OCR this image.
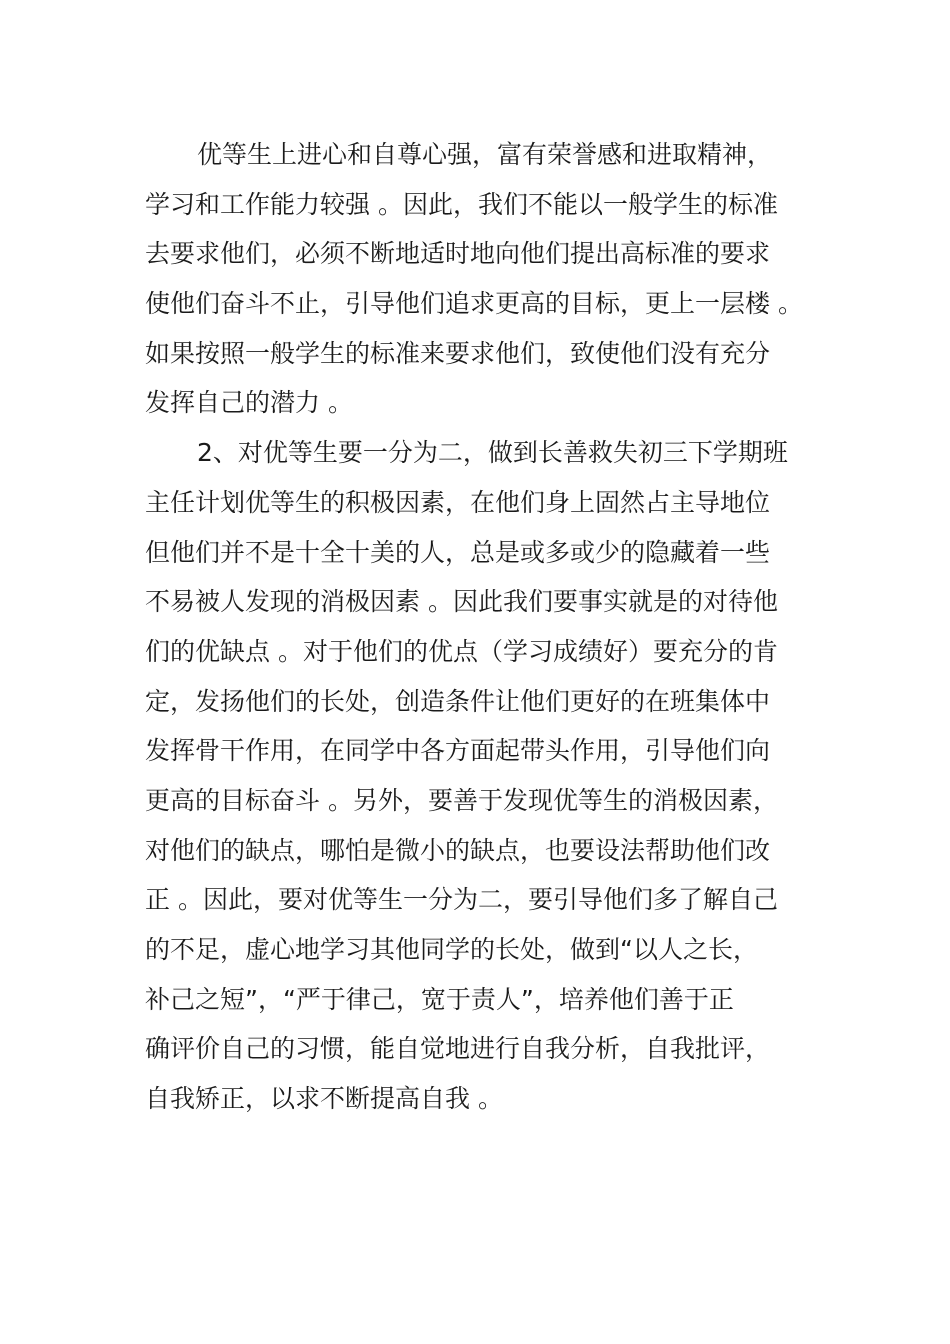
优等生上进心和自尊心强，富有荣誉感和进取精神，
学习和工作能力较强 。因此，我们不能以一般学生的标准
去要求他们，必须不断地适时地向他们提出高标准的要求
使他们奋斗不止，引导他们追求更高的目标，更上一层楼 。
如果按照一般学生的标准来要求他们，致使他们没有充分
发挥自己的潜力 。
2、对优等生要一分为二，做到长善救失初三下学期班
主任计划优等生的积极因素，在他们身上固然占主导地位
但他们并不是十全十美的人，总是或多或少的隐藏着一些
不易被人发现的消极因素 。因此我们要事实就是的对待他
们的优缺点 。对于他们的优点（学习成绩好）要充分的肯
定，发扬他们的长处，创造条件让他们更好的在班集体中
发挥骨干作用，在同学中各方面起带头作用，引导他们向
更高的目标奋斗 。另外，要善于发现优等生的消极因素，
对他们的缺点，哪怕是微小的缺点，也要设法帮助他们改
正 。因此，要对优等生一分为二，要引导他们多了解自己
的不足，虚心地学习其他同学的长处，做到“以人之长，
补己之短”，“严于律己，宽于责人”，培养他们善于正
确评价自己的习惯，能自觉地进行自我分析，自我批评，
自我矫正，以求不断提高自我 。
